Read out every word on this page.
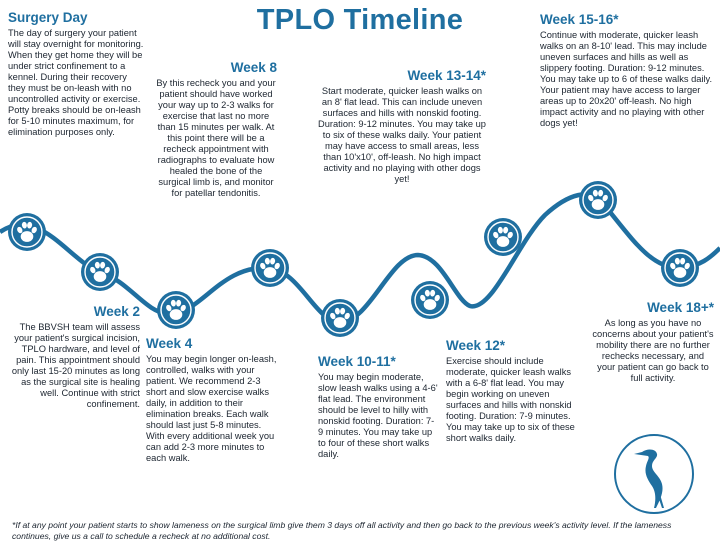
TPLO Timeline
Surgery Day

The day of surgery your patient will stay overnight for monitoring. When they get home they will be under strict confinement to a kennel. During their recovery they must be on-leash with no uncontrolled activity or exercise. Potty breaks should be on-leash for 5-10 minutes maximum, for elimination purposes only.

Week 8

By this recheck you and your patient should have worked your way up to 2-3 walks for exercise that last no more than 15 minutes per walk. At this point there will be a recheck appointment with radiographs to evaluate how healed the bone of the surgical limb is, and monitor for patellar tendonitis.

Week 13-14*

Start moderate, quicker leash walks on an 8' flat lead. This can include uneven surfaces and hills with nonskid footing. Duration: 9-12 minutes. You may take up to six of these walks daily. Your patient may have access to small areas, less than 10'x10', off-leash. No high impact activity and no playing with other dogs yet!

Week 15-16*

Continue with moderate, quicker leash walks on an 8-10' lead. This may include uneven surfaces and hills as well as slippery footing. Duration: 9-12 minutes. You may take up to 6 of these walks daily. Your patient may have access to larger areas up to 20x20' off-leash. No high impact activity and no playing with other dogs yet!

Week 2

The BBVSH team will assess your patient's surgical incision, TPLO hardware, and level of pain. This appointment should only last 15-20 minutes as long as the surgical site is healing well. Continue with strict confinement.

Week 4

You may begin longer on-leash, controlled, walks with your patient. We recommend 2-3 short and slow exercise walks daily, in addition to their elimination breaks. Each walk should last just 5-8 minutes. With every additional week you can add 2-3 more minutes to each walk.

Week 10-11*

You may begin moderate, slow leash walks using a 4-6' flat lead. The environment should be level to hilly with nonskid footing. Duration: 7-9 minutes. You may take up to four of these short walks daily.

Week 12*

Exercise should include moderate, quicker leash walks with a 6-8' flat lead. You may begin working on uneven surfaces and hills with nonskid footing. Duration: 7-9 minutes. You may take up to six of these short walks daily.

Week 18+*

As long as you have no concerns about your patient's mobility there are no further rechecks necessary, and your patient can go back to full activity.

*If at any point your patient starts to show lameness on the surgical limb give them 3 days off all activity and then go back to the previous week's activity level. If the lameness continues, give us a call to schedule a recheck at no additional cost.
